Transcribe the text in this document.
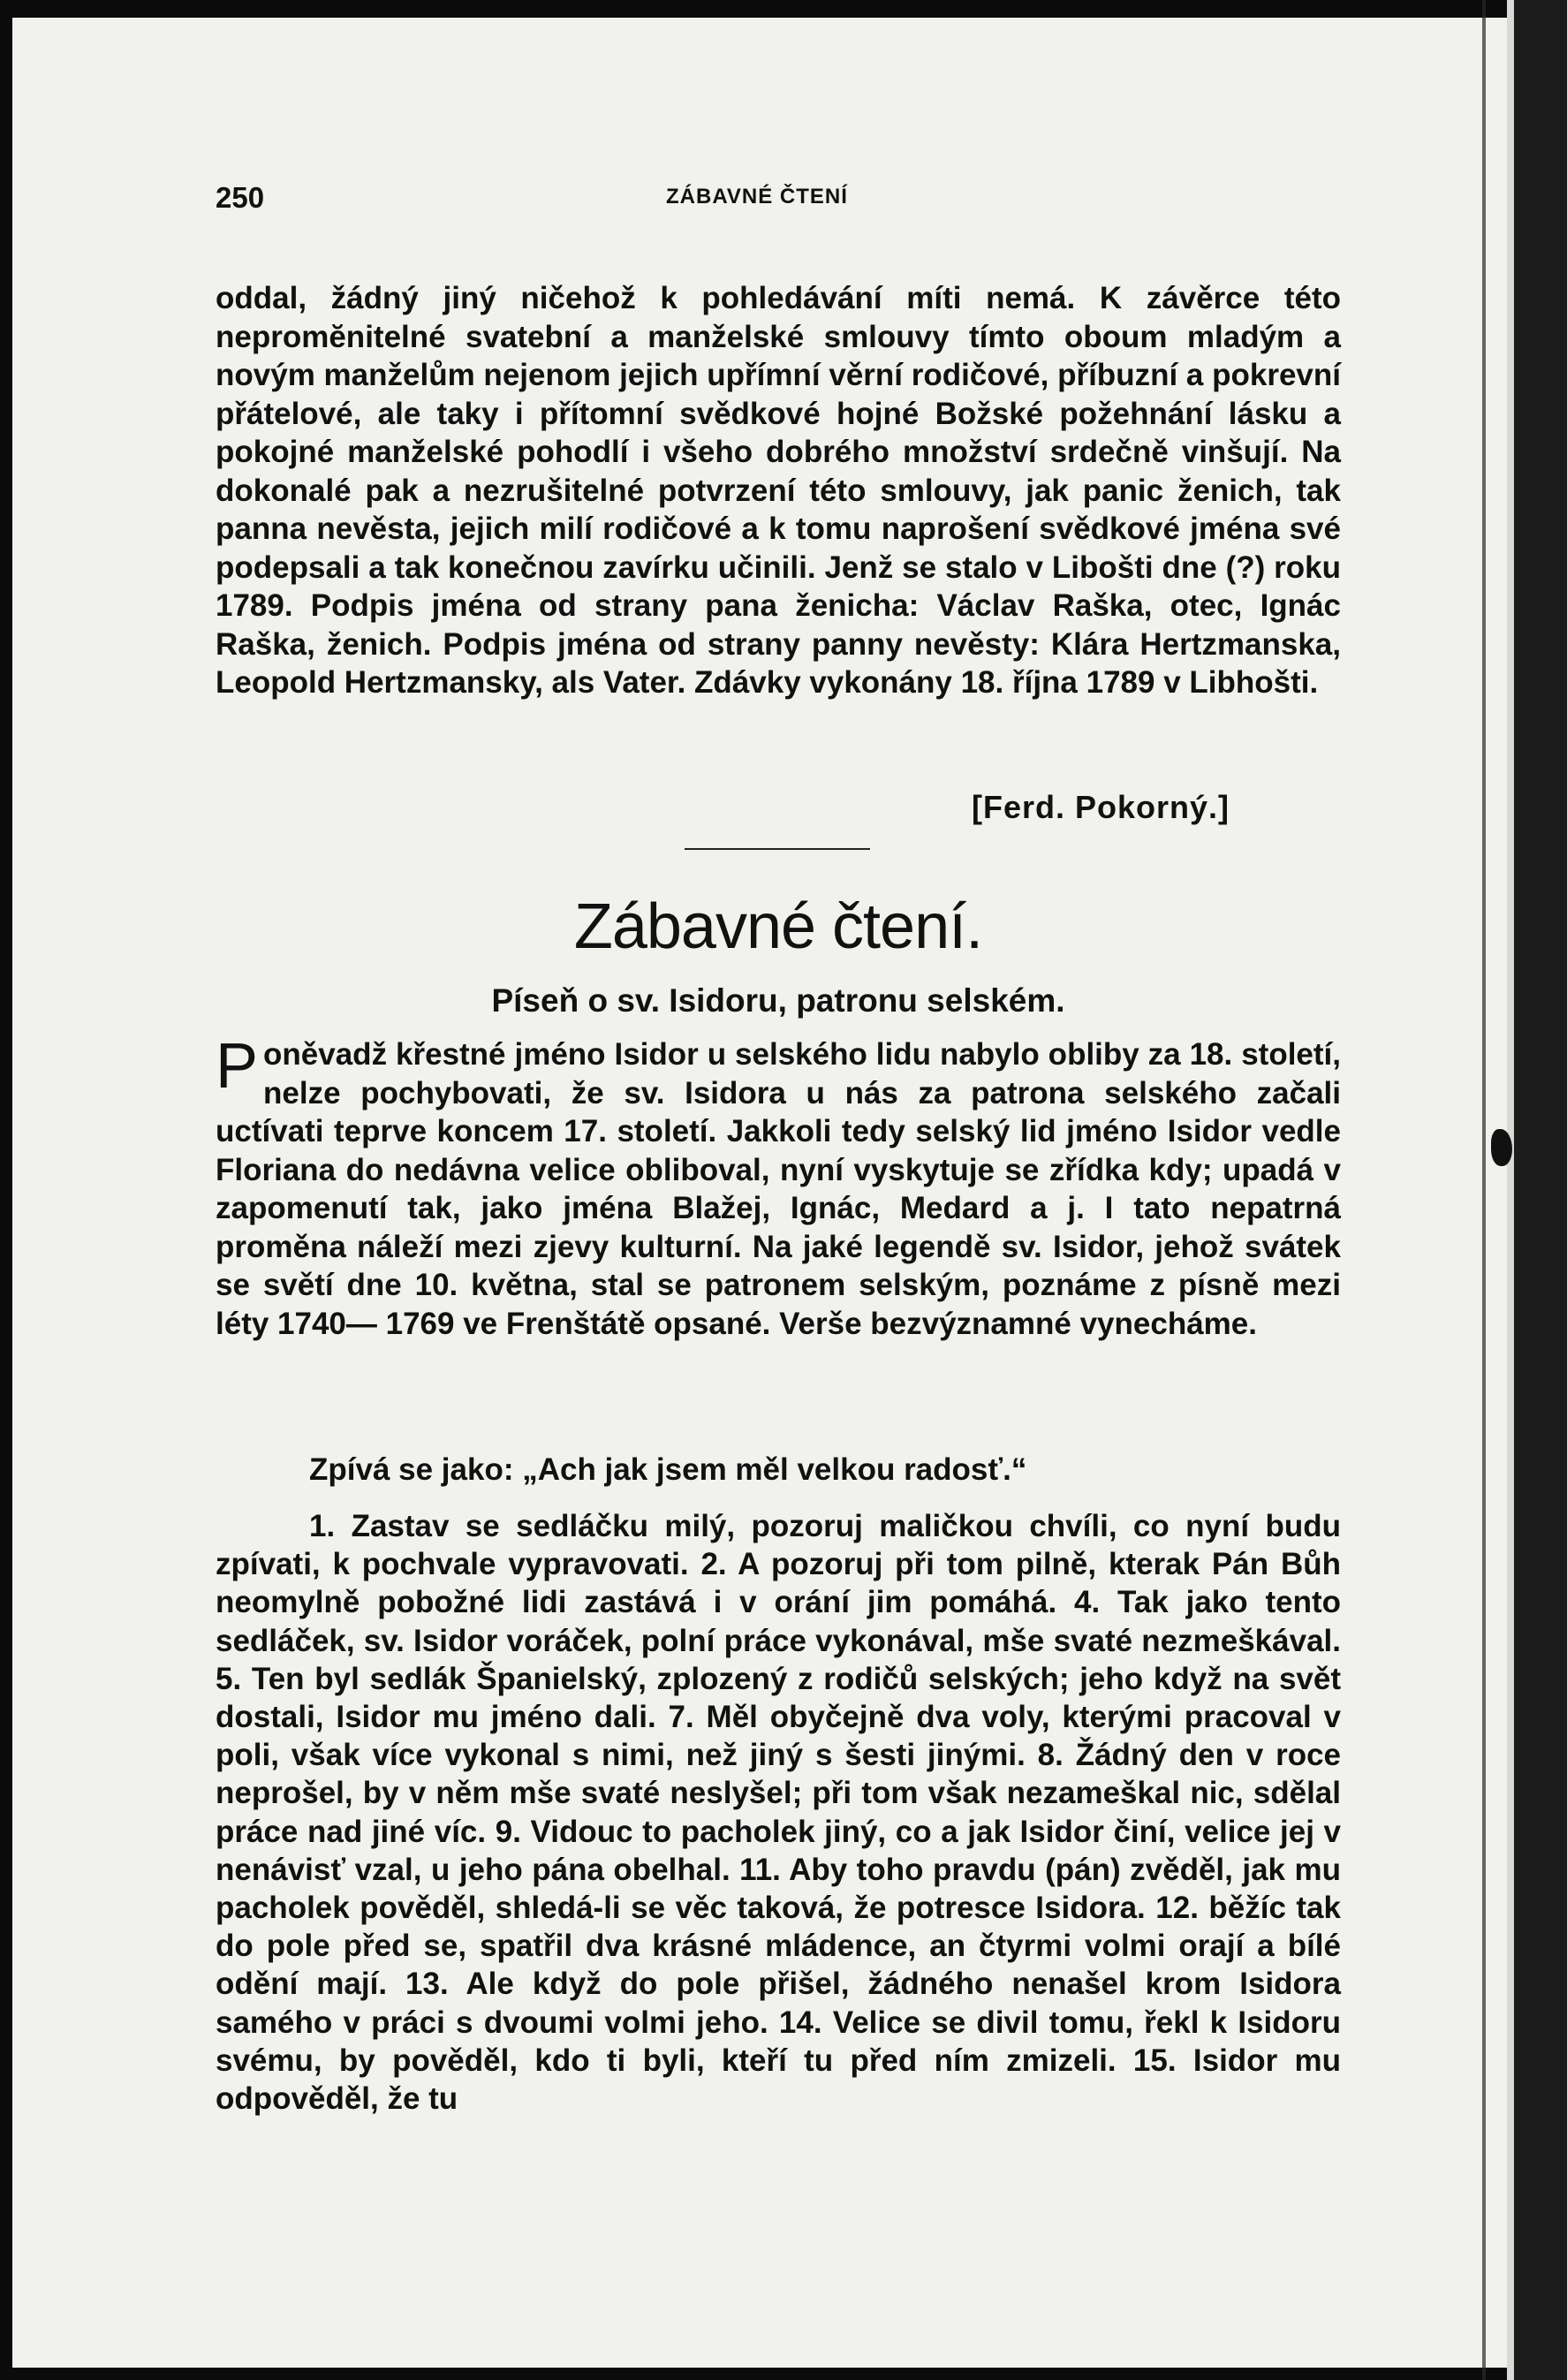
250	ZÁBAVNÉ ČTENÍ

oddal, žádný jiný ničehož k pohledávání míti nemá. K závěrce této nepromĕnitelné svatební a manželské smlouvy tímto oboum mladým a novým manželům nejenom jejich upřímní věrní rodičové, příbuzní a pokrevní přátelové, ale taky i přítomní svědkové hojné Božské požehnání lásku a pokojné manželské pohodlí i všeho dobrého množství srdečně vinšují. Na dokonalé pak a nezrušitelné potvrzení této smlouvy, jak panic ženich, tak panna nevěsta, jejich milí rodičové a k tomu naprošení svědkové jména své podepsali a tak konečnou zavírku učinili. Jenž se stalo v Libošti dne (?) roku 1789. Podpis jména od strany pana ženicha: Václav Raška, otec, Ignác Raška, ženich. Podpis jména od strany panny nevěsty: Klára Hertzmanska, Leopold Hertzmansky, als Vater. Zdávky vykonány 18. října 1789 v Libhošti.

[Ferd. Pokorný.]
Zábavné čtení.
Píseň o sv. Isidoru, patronu selském.
Poněvadž křestné jméno Isidor u selského lidu nabylo obliby za 18. století, nelze pochybovati, že sv. Isidora u nás za patrona selského začali uctívati teprve koncem 17. století. Jakkoli tedy selský lid jméno Isidor vedle Floriana do nedávna velice obliboval, nyní vyskytuje se zřídka kdy; upadá v zapomenutí tak, jako jména Blažej, Ignác, Medard a j. I tato nepatrná proměna náleží mezi zjevy kulturní. Na jaké legendě sv. Isidor, jehož svátek se světí dne 10. května, stal se patronem selským, poznáme z písně mezi léty 1740— 1769 ve Frenštátě opsané. Verše bezvýznamné vynecháme.
Zpívá se jako: „Ach jak jsem měl velkou radosť.“

1. Zastav se sedláčku milý, pozoruj maličkou chvíli, co nyní budu zpívati, k pochvale vypravovati. 2. A pozoruj při tom pilně, kterak Pán Bůh neomylně pobožné lidi zastává i v orání jim pomáhá. 4. Tak jako tento sedláček, sv. Isidor voráček, polní práce vykonával, mše svaté nezmeškával. 5. Ten byl sedlák Španielský, zplozený z rodičů selských; jeho když na svět dostali, Isidor mu jméno dali. 7. Měl obyčejně dva voly, kterými pracoval v poli, však více vykonal s nimi, než jiný s šesti jinými. 8. Žádný den v roce neprošel, by v něm mše svaté neslyšel; při tom však nezameškal nic, sdělal práce nad jiné víc. 9. Vidouc to pacholek jiný, co a jak Isidor činí, velice jej v nenávisť vzal, u jeho pána obelhal. 11. Aby toho pravdu (pán) zvěděl, jak mu pacholek pověděl, shledá-li se věc taková, že potresce Isidora. 12. běžíc tak do pole před se, spatřil dva krásné mládence, an čtyrmi volmi orají a bílé odění mají. 13. Ale když do pole přišel, žádného nenašel krom Isidora samého v práci s dvoumi volmi jeho. 14. Velice se divil tomu, řekl k Isidoru svému, by pověděl, kdo ti byli, kteří tu před ním zmizeli. 15. Isidor mu odpověděl, že tu
